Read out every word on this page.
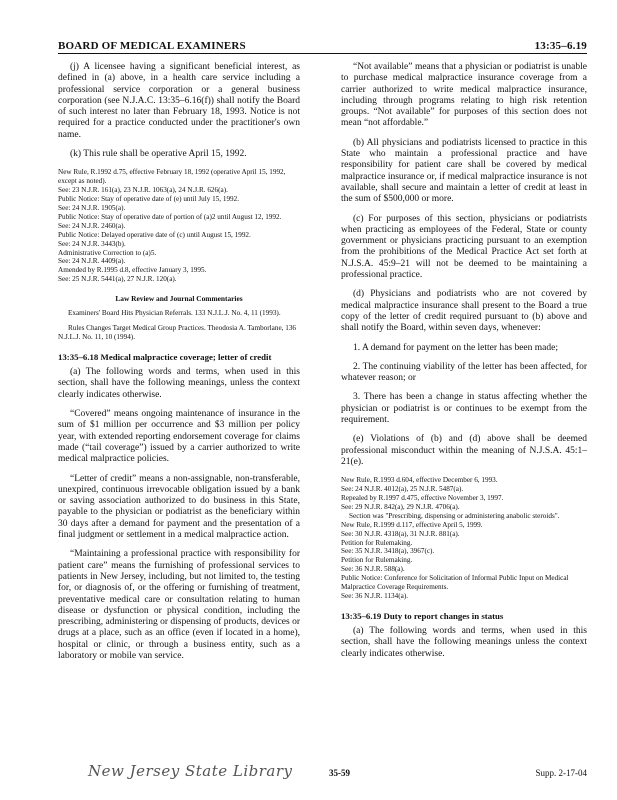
BOARD OF MEDICAL EXAMINERS	13:35–6.19

(j) A licensee having a significant beneficial interest, as defined in (a) above, in a health care service including a professional service corporation or a general business corporation (see N.J.A.C. 13:35–6.16(f)) shall notify the Board of such interest no later than February 18, 1993. Notice is not required for a practice conducted under the practitioner's own name.

(k) This rule shall be operative April 15, 1992.

New Rule, R.1992 d.75, effective February 18, 1992 (operative April 15, 1992, except as noted).
See: 23 N.J.R. 161(a), 23 N.J.R. 1063(a), 24 N.J.R. 626(a).
Public Notice: Stay of operative date of (e) until July 15, 1992.
See: 24 N.J.R. 1905(a).
Public Notice: Stay of operative date of portion of (a)2 until August 12, 1992.
See: 24 N.J.R. 2460(a).
Public Notice: Delayed operative date of (c) until August 15, 1992.
See: 24 N.J.R. 3443(b).
Administrative Correction to (a)5.
See: 24 N.J.R. 4409(a).
Amended by R.1995 d.8, effective January 3, 1995.
See: 25 N.J.R. 5441(a), 27 N.J.R. 120(a).

Law Review and Journal Commentaries

Examiners' Board Hits Physician Referrals. 133 N.J.L.J. No. 4, 11 (1993).

Rules Changes Target Medical Group Practices. Theodosia A. Tamborlane, 136 N.J.L.J. No. 11, 10 (1994).

13:35–6.18 Medical malpractice coverage; letter of credit

(a) The following words and terms, when used in this section, shall have the following meanings, unless the context clearly indicates otherwise.

“Covered” means ongoing maintenance of insurance in the sum of $1 million per occurrence and $3 million per policy year, with extended reporting endorsement coverage for claims made (“tail coverage”) issued by a carrier authorized to write medical malpractice policies.

“Letter of credit” means a non-assignable, non-transferable, unexpired, continuous irrevocable obligation issued by a bank or saving association authorized to do business in this State, payable to the physician or podiatrist as the beneficiary within 30 days after a demand for payment and the presentation of a final judgment or settlement in a medical malpractice action.

“Maintaining a professional practice with responsibility for patient care” means the furnishing of professional services to patients in New Jersey, including, but not limited to, the testing for, or diagnosis of, or the offering or furnishing of treatment, preventative medical care or consultation relating to human disease or dysfunction or physical condition, including the prescribing, administering or dispensing of products, devices or drugs at a place, such as an office (even if located in a home), hospital or clinic, or through a business entity, such as a laboratory or mobile van service.

“Not available” means that a physician or podiatrist is unable to purchase medical malpractice insurance coverage from a carrier authorized to write medical malpractice insurance, including through programs relating to high risk retention groups. “Not available” for purposes of this section does not mean “not affordable.”

(b) All physicians and podiatrists licensed to practice in this State who maintain a professional practice and have responsibility for patient care shall be covered by medical malpractice insurance or, if medical malpractice insurance is not available, shall secure and maintain a letter of credit at least in the sum of $500,000 or more.

(c) For purposes of this section, physicians or podiatrists when practicing as employees of the Federal, State or county government or physicians practicing pursuant to an exemption from the prohibitions of the Medical Practice Act set forth at N.J.S.A. 45:9–21 will not be deemed to be maintaining a professional practice.

(d) Physicians and podiatrists who are not covered by medical malpractice insurance shall present to the Board a true copy of the letter of credit required pursuant to (b) above and shall notify the Board, within seven days, whenever:

1. A demand for payment on the letter has been made;

2. The continuing viability of the letter has been affected, for whatever reason; or

3. There has been a change in status affecting whether the physician or podiatrist is or continues to be exempt from the requirement.

(e) Violations of (b) and (d) above shall be deemed professional misconduct within the meaning of N.J.S.A. 45:1–21(e).

New Rule, R.1993 d.604, effective December 6, 1993.
See: 24 N.J.R. 4012(a), 25 N.J.R. 5487(a).
Repealed by R.1997 d.475, effective November 3, 1997.
See: 29 N.J.R. 842(a), 29 N.J.R. 4706(a).
Section was "Prescribing, dispensing or administering anabolic steroids".
New Rule, R.1999 d.117, effective April 5, 1999.
See: 30 N.J.R. 4318(a), 31 N.J.R. 881(a).
Petition for Rulemaking.
See: 35 N.J.R. 3418(a), 3967(c).
Petition for Rulemaking.
See: 36 N.J.R. 588(a).
Public Notice: Conference for Solicitation of Informal Public Input on Medical Malpractice Coverage Requirements.
See: 36 N.J.R. 1134(a).

13:35–6.19 Duty to report changes in status

(a) The following words and terms, when used in this section, shall have the following meanings unless the context clearly indicates otherwise.

New Jersey State Library	35-59	Supp. 2-17-04
